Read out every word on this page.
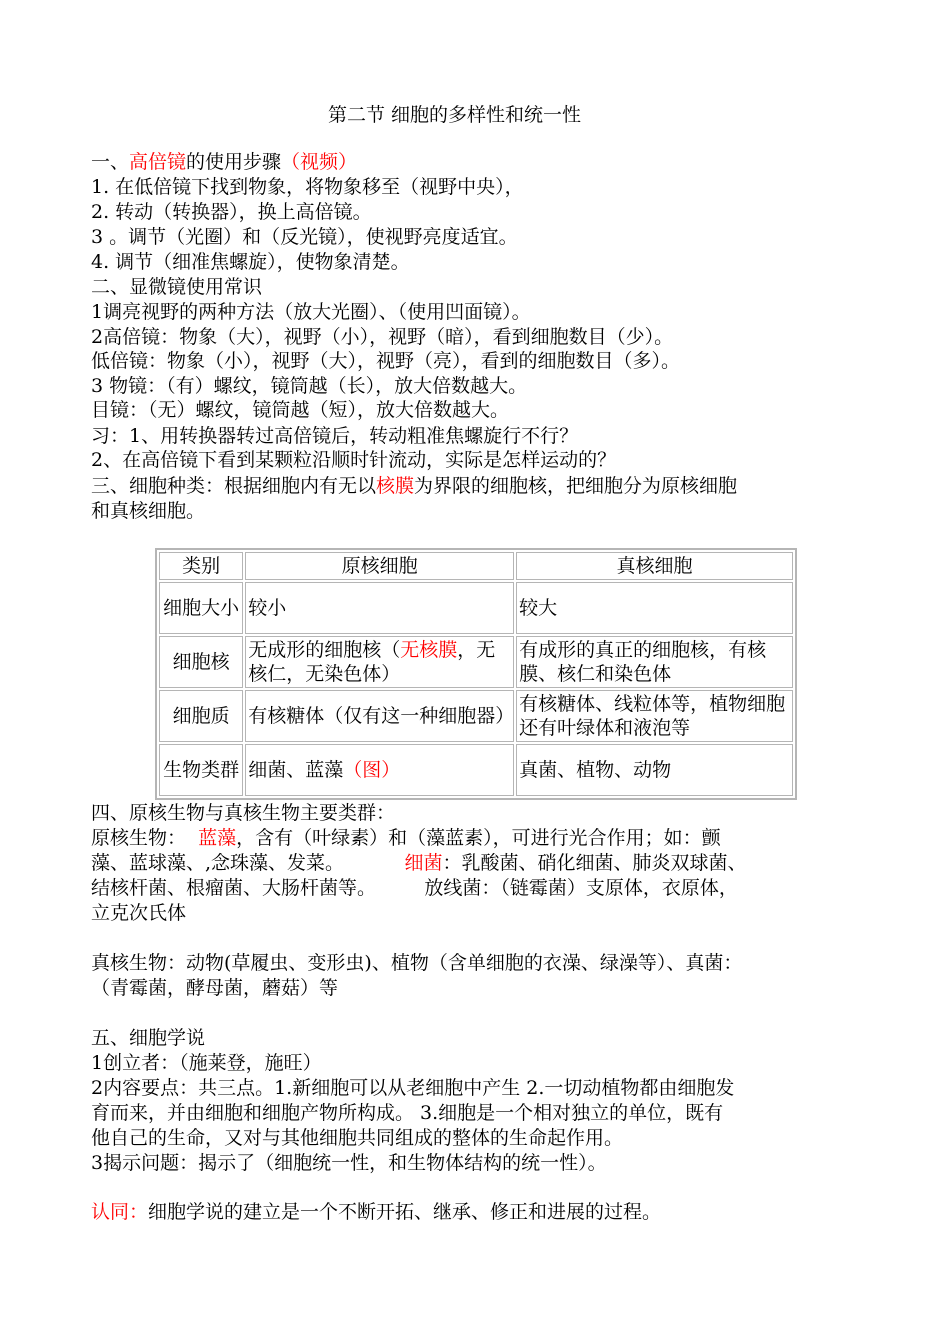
第二节 细胞的多样性和统一性
一、高倍镜的使用步骤（视频）
1. 在低倍镜下找到物象，将物象移至（视野中央），
2. 转动（转换器），换上高倍镜。
3 。调节（光圈）和（反光镜），使视野亮度适宜。
4. 调节（细准焦螺旋），使物象清楚。
二、显微镜使用常识
1调亮视野的两种方法（放大光圈）、（使用凹面镜）。
2高倍镜：物象（大），视野（小），视野（暗），看到细胞数目（少）。
低倍镜：物象（小），视野（大），视野（亮），看到的细胞数目（多）。
3 物镜：（有）螺纹，镜筒越（长），放大倍数越大。
目镜：（无）螺纹，镜筒越（短），放大倍数越大。
习：1、用转换器转过高倍镜后，转动粗准焦螺旋行不行？
2、在高倍镜下看到某颗粒沿顺时针流动，实际是怎样运动的？
三、细胞种类：根据细胞内有无以核膜为界限的细胞核，把细胞分为原核细胞
和真核细胞。
类别	原核细胞	真核细胞
细胞大小	较小	较大
细胞核	无成形的细胞核（无核膜，无核仁，无染色体）	有成形的真正的细胞核，有核膜、核仁和染色体
细胞质	有核糖体（仅有这一种细胞器）	有核糖体、线粒体等，植物细胞还有叶绿体和液泡等
生物类群	细菌、蓝藻（图）	真菌、植物、动物
四、原核生物与真核生物主要类群：
原核生物：  蓝藻，含有（叶绿素）和（藻蓝素），可进行光合作用；如：颤
藻、蓝球藻、,念珠藻、发菜。          细菌：乳酸菌、硝化细菌、肺炎双球菌、
结核杆菌、根瘤菌、大肠杆菌等。        放线菌：（链霉菌）支原体，衣原体，
立克次氏体
真核生物：动物(草履虫、变形虫)、植物（含单细胞的衣澡、绿澡等）、真菌：
（青霉菌，酵母菌，蘑菇）等
五、细胞学说
1创立者：（施莱登，施旺）
2内容要点：共三点。1.新细胞可以从老细胞中产生 2.一切动植物都由细胞发
育而来，并由细胞和细胞产物所构成。 3.细胞是一个相对独立的单位，既有
他自己的生命，又对与其他细胞共同组成的整体的生命起作用。
3揭示问题：揭示了（细胞统一性，和生物体结构的统一性）。
认同：细胞学说的建立是一个不断开拓、继承、修正和进展的过程。
